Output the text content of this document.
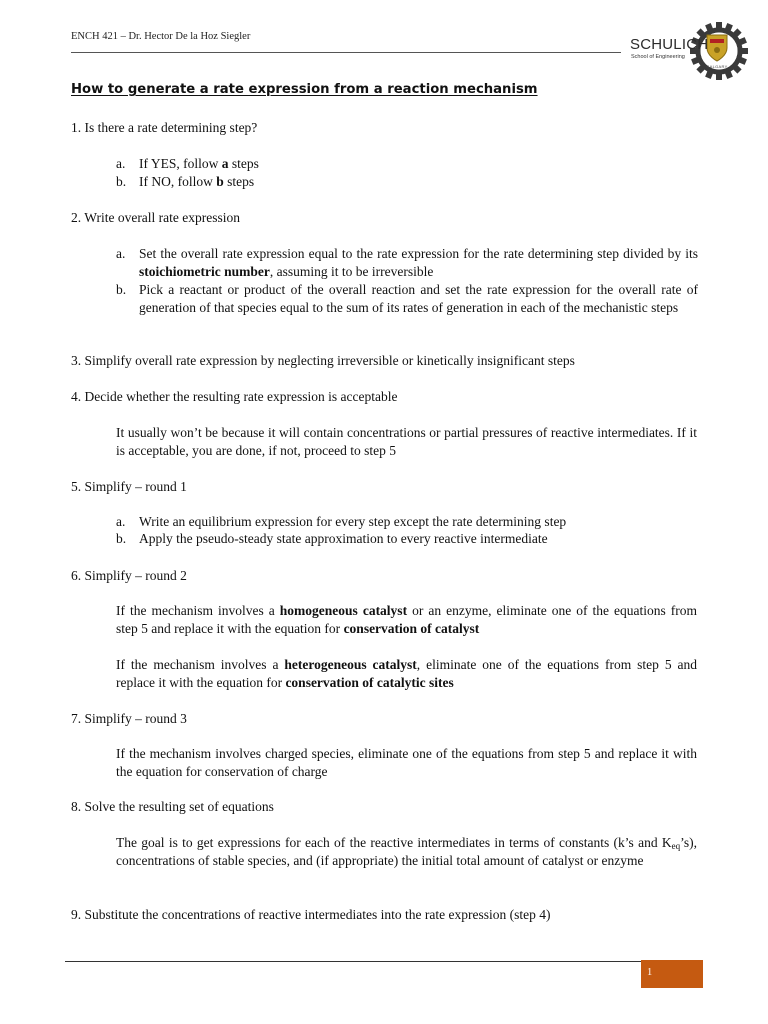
ENCH 421 – Dr. Hector De la Hoz Siegler
CALGARY
SCHULICH
School of Engineering
How to generate a rate expression from a reaction mechanism
1. Is there a rate determining step?
a. If YES, follow a steps
b. If NO, follow b steps
2. Write overall rate expression
a. Set the overall rate expression equal to the rate expression for the rate determining step divided by its stoichiometric number, assuming it to be irreversible
b. Pick a reactant or product of the overall reaction and set the rate expression for the overall rate of generation of that species equal to the sum of its rates of generation in each of the mechanistic steps
3. Simplify overall rate expression by neglecting irreversible or kinetically insignificant steps
4. Decide whether the resulting rate expression is acceptable
It usually won’t be because it will contain concentrations or partial pressures of reactive intermediates. If it is acceptable, you are done, if not, proceed to step 5
5. Simplify – round 1
a. Write an equilibrium expression for every step except the rate determining step
b. Apply the pseudo-steady state approximation to every reactive intermediate
6. Simplify – round 2
If the mechanism involves a homogeneous catalyst or an enzyme, eliminate one of the equations from step 5 and replace it with the equation for conservation of catalyst
If the mechanism involves a heterogeneous catalyst, eliminate one of the equations from step 5 and replace it with the equation for conservation of catalytic sites
7. Simplify – round 3
If the mechanism involves charged species, eliminate one of the equations from step 5 and replace it with the equation for conservation of charge
8. Solve the resulting set of equations
The goal is to get expressions for each of the reactive intermediates in terms of constants (k’s and $K_{eq}’s$), concentrations of stable species, and (if appropriate) the initial total amount of catalyst or enzyme
9. Substitute the concentrations of reactive intermediates into the rate expression (step 4)
1
